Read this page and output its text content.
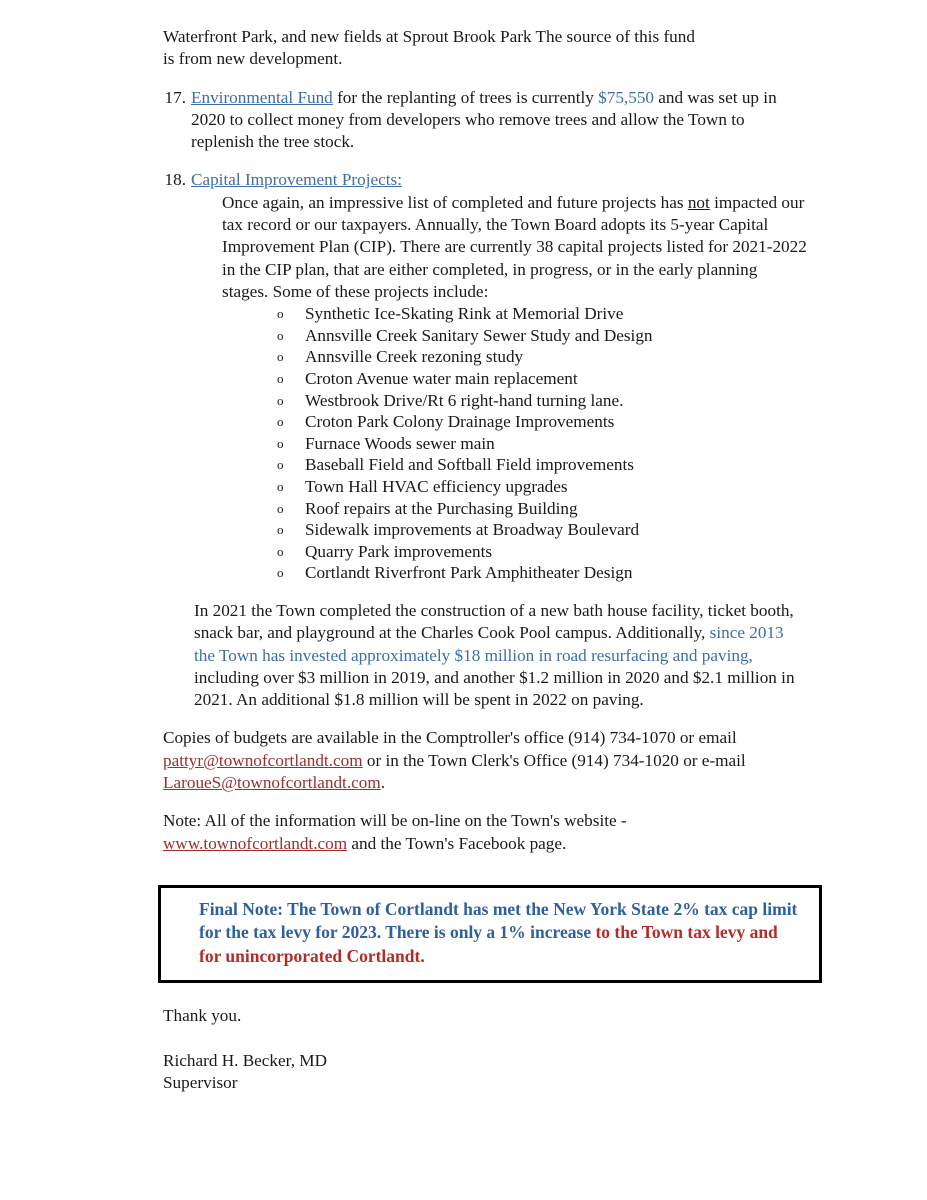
Waterfront Park, and new fields at Sprout Brook Park The source of this fund
is from new development.
17. Environmental Fund for the replanting of trees is currently $75,550 and was set up in 2020 to collect money from developers who remove trees and allow the Town to replenish the tree stock.
18. Capital Improvement Projects:
Once again, an impressive list of completed and future projects has not impacted our tax record or our taxpayers. Annually, the Town Board adopts its 5-year Capital Improvement Plan (CIP). There are currently 38 capital projects listed for 2021-2022 in the CIP plan, that are either completed, in progress, or in the early planning stages. Some of these projects include:
o	Synthetic Ice-Skating Rink at Memorial Drive
o	Annsville Creek Sanitary Sewer Study and Design
o	Annsville Creek rezoning study
o	Croton Avenue water main replacement
o	Westbrook Drive/Rt 6 right-hand turning lane.
o	Croton Park Colony Drainage Improvements
o	Furnace Woods sewer main
o	Baseball Field and Softball Field improvements
o	Town Hall HVAC efficiency upgrades
o	Roof repairs at the Purchasing Building
o	Sidewalk improvements at Broadway Boulevard
o	Quarry Park improvements
o	Cortlandt Riverfront Park Amphitheater Design
In 2021 the Town completed the construction of a new bath house facility, ticket booth, snack bar, and playground at the Charles Cook Pool campus. Additionally, since 2013 the Town has invested approximately $18 million in road resurfacing and paving, including over $3 million in 2019, and another $1.2 million in 2020 and $2.1 million in 2021. An additional $1.8 million will be spent in 2022 on paving.
Copies of budgets are available in the Comptroller's office (914) 734-1070 or email pattyr@townofcortlandt.com or in the Town Clerk's Office (914) 734-1020 or e-mail LaroueS@townofcortlandt.com.
Note: All of the information will be on-line on the Town's website - www.townofcortlandt.com and the Town's Facebook page.
Final Note: The Town of Cortlandt has met the New York State 2% tax cap limit for the tax levy for 2023. There is only a 1% increase to the Town tax levy and for unincorporated Cortlandt.
Thank you.
Richard H. Becker, MD
Supervisor
